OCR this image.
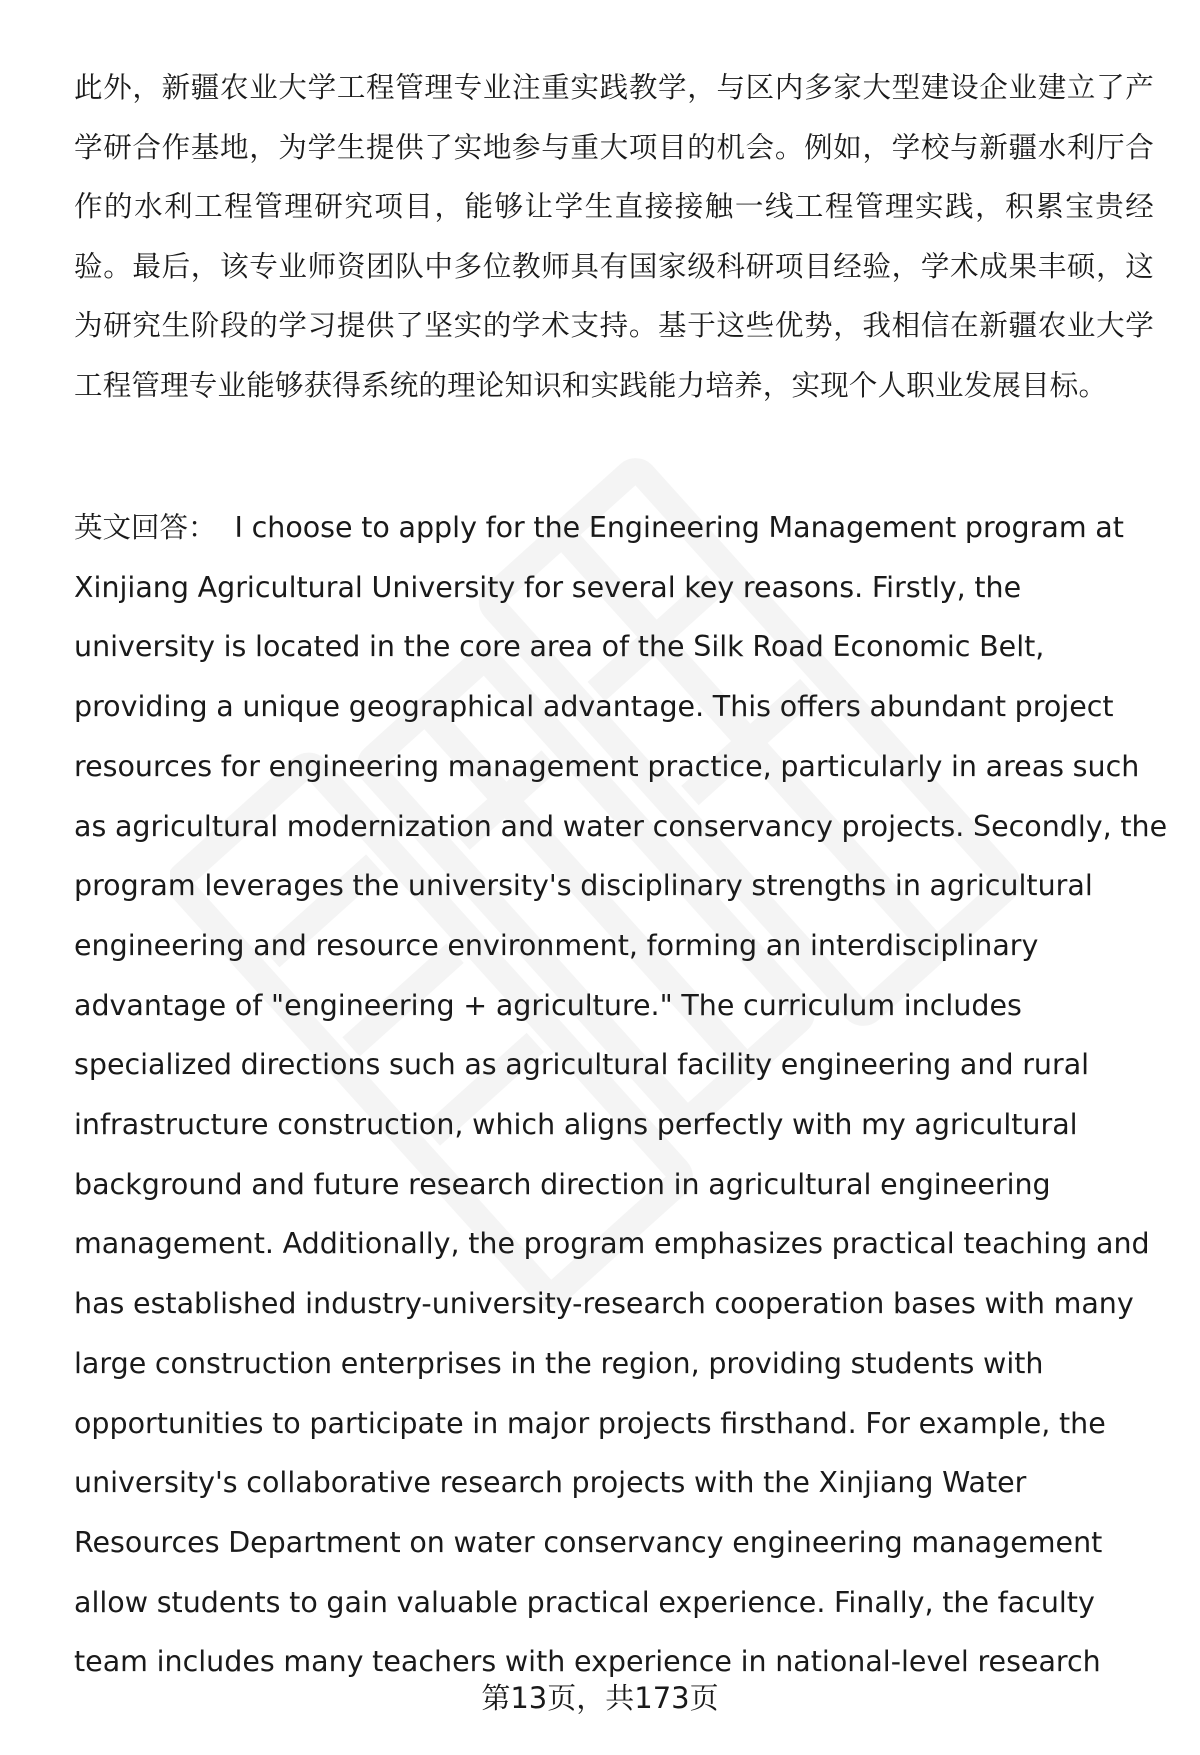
此外，新疆农业大学工程管理专业注重实践教学，与区内多家大型建设企业建立了产学研合作基地，为学生提供了实地参与重大项目的机会。例如，学校与新疆水利厅合作的水利工程管理研究项目，能够让学生直接接触一线工程管理实践，积累宝贵经验。最后，该专业师资团队中多位教师具有国家级科研项目经验，学术成果丰硕，这为研究生阶段的学习提供了坚实的学术支持。基于这些优势，我相信在新疆农业大学工程管理专业能够获得系统的理论知识和实践能力培养，实现个人职业发展目标。

英文回答： I choose to apply for the Engineering Management program at Xinjiang Agricultural University for several key reasons. Firstly, the university is located in the core area of the Silk Road Economic Belt, providing a unique geographical advantage. This offers abundant project resources for engineering management practice, particularly in areas such as agricultural modernization and water conservancy projects. Secondly, the program leverages the university's disciplinary strengths in agricultural engineering and resource environment, forming an interdisciplinary advantage of "engineering + agriculture." The curriculum includes specialized directions such as agricultural facility engineering and rural infrastructure construction, which aligns perfectly with my agricultural background and future research direction in agricultural engineering management. Additionally, the program emphasizes practical teaching and has established industry-university-research cooperation bases with many large construction enterprises in the region, providing students with opportunities to participate in major projects firsthand. For example, the university's collaborative research projects with the Xinjiang Water Resources Department on water conservancy engineering management allow students to gain valuable practical experience. Finally, the faculty team includes many teachers with experience in national-level research

第13页，共173页
